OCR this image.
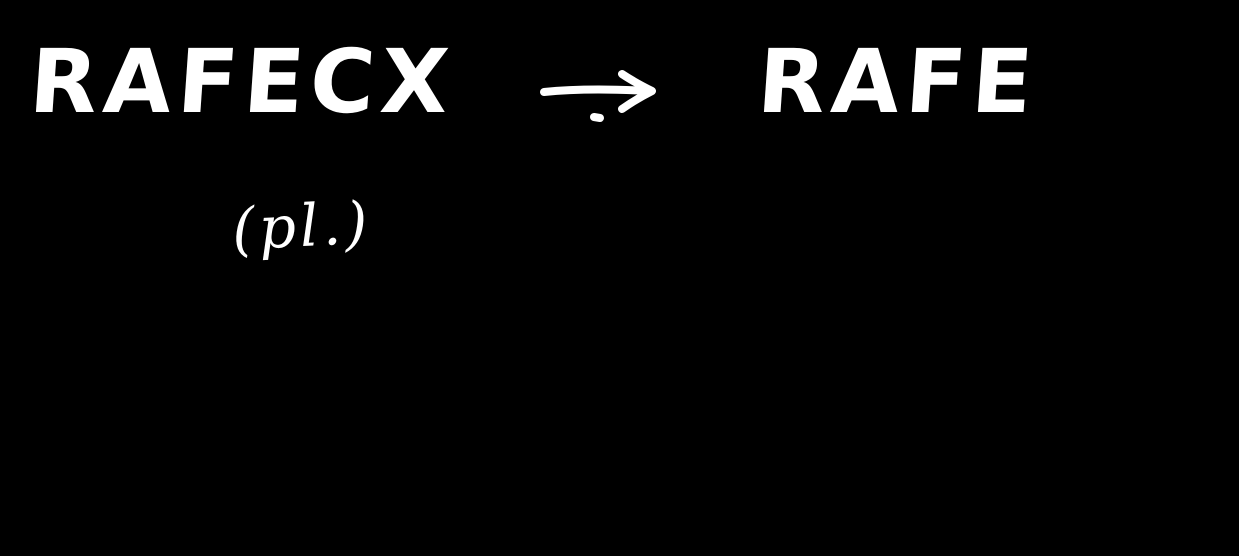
RAFECX	RAFE
(pl.)
